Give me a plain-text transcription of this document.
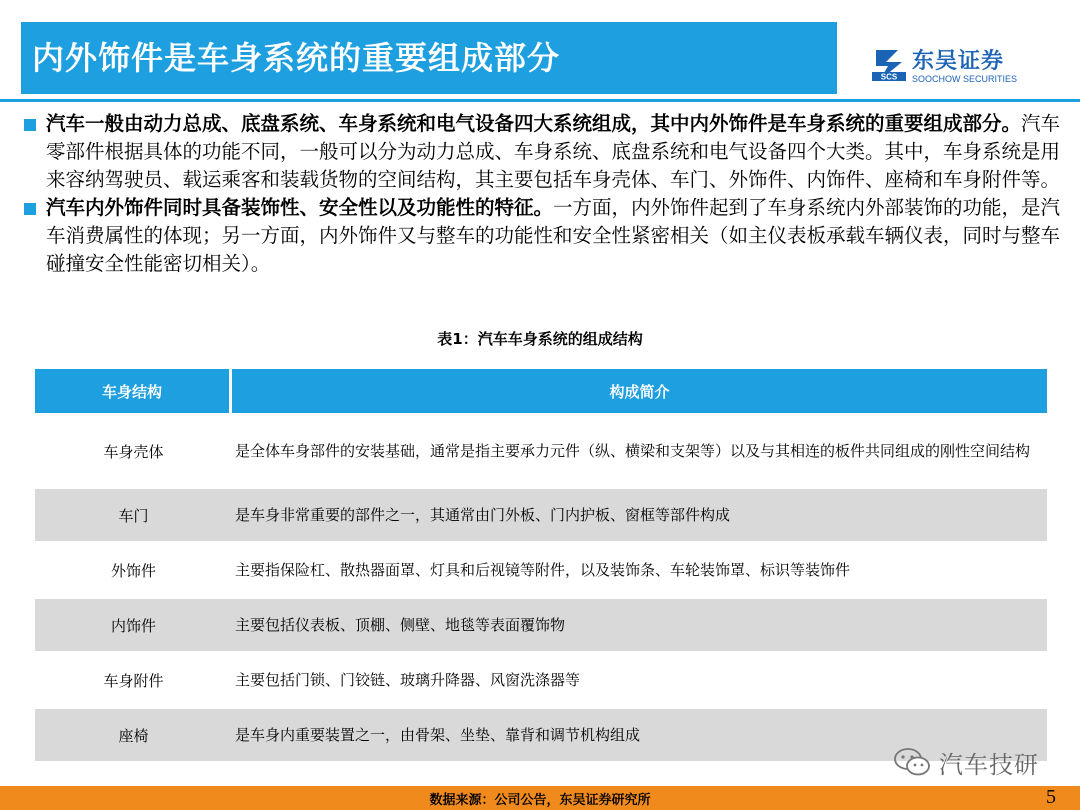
内外饰件是车身系统的重要组成部分	SCS
东吴证券
SOOCHOW SECURITIES
汽车一般由动力总成、底盘系统、车身系统和电气设备四大系统组成，其中内外饰件是车身系统的重要组成部分。汽车零部件根据具体的功能不同，一般可以分为动力总成、车身系统、底盘系统和电气设备四个大类。其中，车身系统是用来容纳驾驶员、载运乘客和装载货物的空间结构，其主要包括车身壳体、车门、外饰件、内饰件、座椅和车身附件等。
汽车内外饰件同时具备装饰性、安全性以及功能性的特征。一方面，内外饰件起到了车身系统内外部装饰的功能，是汽车消费属性的体现；另一方面，内外饰件又与整车的功能性和安全性紧密相关（如主仪表板承载车辆仪表，同时与整车碰撞安全性能密切相关）。
表1：汽车车身系统的组成结构
车身结构	构成简介
车身壳体	是全体车身部件的安装基础，通常是指主要承力元件（纵、横梁和支架等）以及与其相连的板件共同组成的刚性空间结构
车门	是车身非常重要的部件之一，其通常由门外板、门内护板、窗框等部件构成
外饰件	主要指保险杠、散热器面罩、灯具和后视镜等附件，以及装饰条、车轮装饰罩、标识等装饰件
内饰件	主要包括仪表板、顶棚、侧壁、地毯等表面覆饰物
车身附件	主要包括门锁、门铰链、玻璃升降器、风窗洗涤器等
座椅	是车身内重要装置之一，由骨架、坐垫、靠背和调节机构组成
汽车技研
数据来源：公司公告，东吴证券研究所	5
